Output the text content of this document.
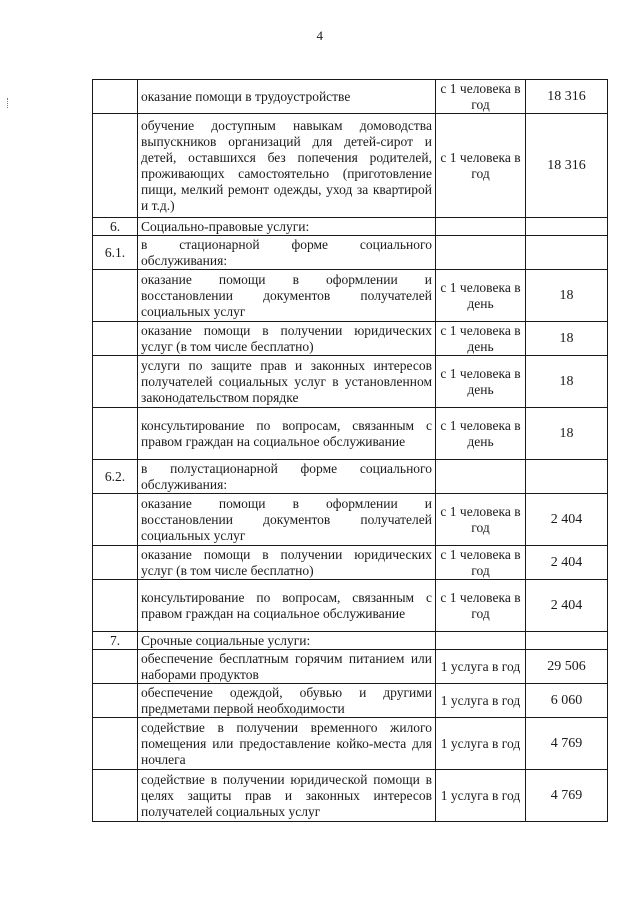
4
	оказание помощи в трудоустройстве	с 1 человека в год	18 316
	обучение доступным навыкам домоводства выпускников организаций для детей-сирот и детей, оставшихся без попечения родителей, проживающих самостоятельно (приготовление пищи, мелкий ремонт одежды, уход за квартирой и т.д.)	с 1 человека в год	18 316
6.	Социально-правовые услуги:		
6.1.	в стационарной форме социального обслуживания:		
	оказание помощи в оформлении и восстановлении документов получателей социальных услуг	с 1 человека в день	18
	оказание помощи в получении юридических услуг (в том числе бесплатно)	с 1 человека в день	18
	услуги по защите прав и законных интересов получателей социальных услуг в установленном законодательством порядке	с 1 человека в день	18
	консультирование по вопросам, связанным с правом граждан на социальное обслуживание	с 1 человека в день	18
6.2.	в полустационарной форме социального обслуживания:		
	оказание помощи в оформлении и восстановлении документов получателей социальных услуг	с 1 человека в год	2 404
	оказание помощи в получении юридических услуг (в том числе бесплатно)	с 1 человека в год	2 404
	консультирование по вопросам, связанным с правом граждан на социальное обслуживание	с 1 человека в год	2 404
7.	Срочные социальные услуги:		
	обеспечение бесплатным горячим питанием или наборами продуктов	1 услуга в год	29 506
	обеспечение одеждой, обувью и другими предметами первой необходимости	1 услуга в год	6 060
	содействие в получении временного жилого помещения или предоставление койко-места для ночлега	1 услуга в год	4 769
	содействие в получении юридической помощи в целях защиты прав и законных интересов получателей социальных услуг	1 услуга в год	4 769
